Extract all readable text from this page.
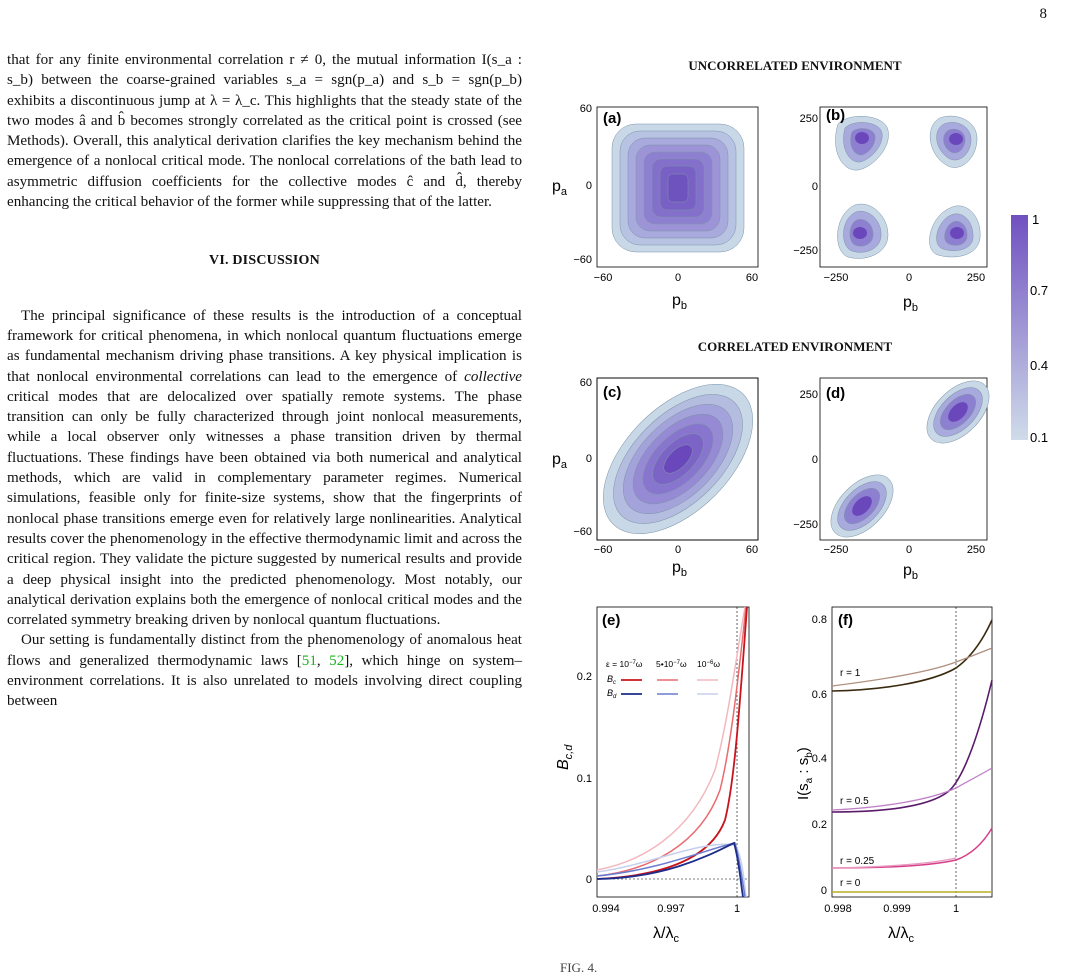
8

that for any finite environmental correlation r ≠ 0, the mutual information I(s_a : s_b) between the coarse-grained variables s_a = sgn(p_a) and s_b = sgn(p_b) exhibits a discontinuous jump at λ = λ_c. This highlights that the steady state of the two modes â and b̂ becomes strongly correlated as the critical point is crossed (see Methods). Overall, this analytical derivation clarifies the key mechanism behind the emergence of a nonlocal critical mode. The nonlocal correlations of the bath lead to asymmetric diffusion coefficients for the collective modes ĉ and d̂, thereby enhancing the critical behavior of the former while suppressing that of the latter.

VI. DISCUSSION

The principal significance of these results is the introduction of a conceptual framework for critical phenomena, in which nonlocal quantum fluctuations emerge as fundamental mechanism driving phase transitions. A key physical implication is that nonlocal environmental correlations can lead to the emergence of collective critical modes that are delocalized over spatially remote systems. The phase transition can only be fully characterized through joint nonlocal measurements, while a local observer only witnesses a phase transition driven by thermal fluctuations. These findings have been obtained via both numerical and analytical methods, which are valid in complementary parameter regimes. Numerical simulations, feasible only for finite-size systems, show that the fingerprints of nonlocal phase transitions emerge even for relatively large nonlinearities. Analytical results cover the phenomenology in the effective thermodynamic limit and across the critical region. They validate the picture suggested by numerical results and provide a deep physical insight into the predicted phenomenology. Most notably, our analytical derivation explains both the emergence of nonlocal critical modes and the correlated symmetry breaking driven by nonlocal quantum fluctuations.

Our setting is fundamentally distinct from the phenomenology of anomalous heat flows and generalized thermodynamic laws [51, 52], which hinge on system–environment correlations. It is also unrelated to models involving direct coupling between

UNCORRELATED ENVIRONMENT
CORRELATED ENVIRONMENT
(a)
60
0
−60
−60	0	60
$p_a$
$p_b$
(b)
250
0
−250
−250	0	250
$p_b$
1
0.7
0.4
0.1
(c)
60
0
−60
−60	0	60
$p_a$
$p_b$
(d)
250
0
−250
−250	0	250
$p_b$
(e)
$\varepsilon = 10^{-7}\omega$ $5•10^{-7}\omega$ $10^{-6}\omega$
$B_c$
$B_d$
0.2
0.1
0
0.994	0.997	1
$B_{c,d}$
$\lambda/\lambda_c$
(f)
r = 1
r = 0.5
r = 0.25
r = 0
0.8
0.6
0.4
0.2
0
0.998	0.999	1
$I(s_a$ : $s_b$)
$\lambda/\lambda_c$
FIG. 4.
